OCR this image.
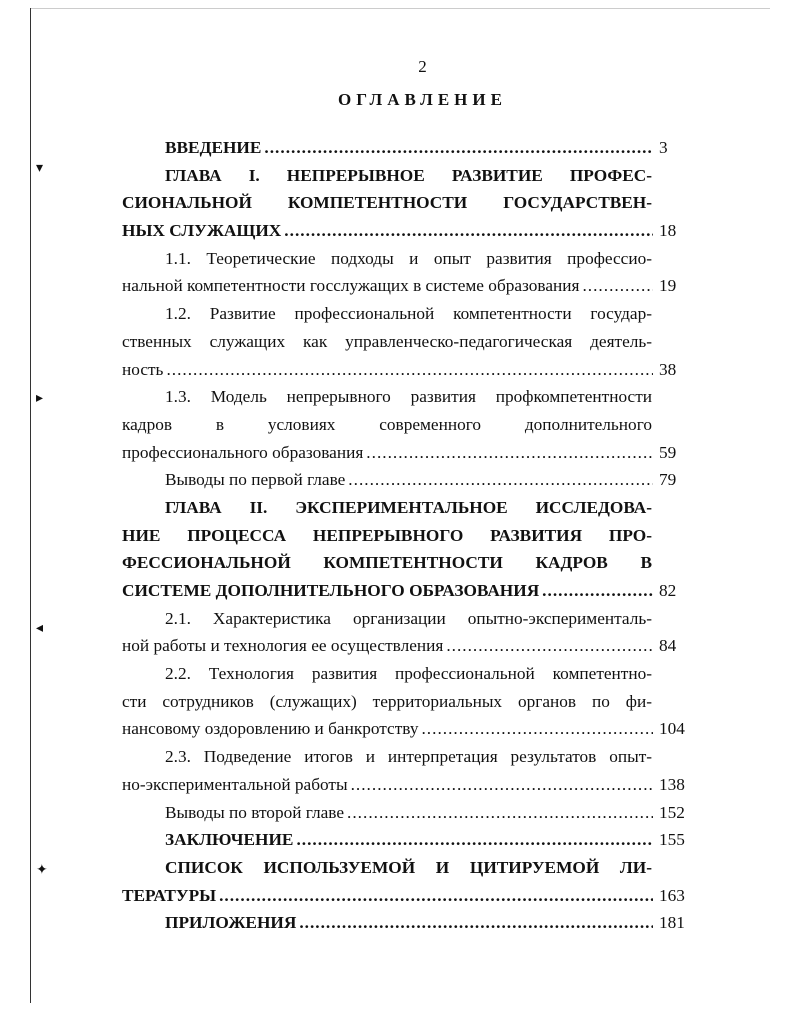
▾
▸
◂
✦
2
ОГЛАВЛЕНИЕ
ВВЕДЕНИЕ .....	3
ГЛАВА I. НЕПРЕРЫВНОЕ РАЗВИТИЕ ПРОФЕС-
СИОНАЛЬНОЙ КОМПЕТЕНТНОСТИ ГОСУДАРСТВЕН-
НЫХ СЛУЖАЩИХ .....	18
1.1. Теоретические подходы и опыт развития профессио-
нальной компетентности госслужащих в системе образования .....	19
1.2. Развитие профессиональной компетентности государ-
ственных служащих как управленческо-педагогическая деятель-
ность .....	38
1.3. Модель непрерывного развития профкомпетентности
кадров в условиях современного дополнительного
профессионального образования .....	59
Выводы по первой главе .....	79
ГЛАВА II. ЭКСПЕРИМЕНТАЛЬНОЕ ИССЛЕДОВА-
НИЕ ПРОЦЕССА НЕПРЕРЫВНОГО РАЗВИТИЯ ПРО-
ФЕССИОНАЛЬНОЙ КОМПЕТЕНТНОСТИ КАДРОВ В
СИСТЕМЕ ДОПОЛНИТЕЛЬНОГО ОБРАЗОВАНИЯ .....	82
2.1. Характеристика организации опытно-эксперименталь-
ной работы и технология ее осуществления .....	84
2.2. Технология развития профессиональной компетентно-
сти сотрудников (служащих) территориальных органов по фи-
нансовому оздоровлению и банкротству .....	104
2.3. Подведение итогов и интерпретация результатов опыт-
но-экспериментальной работы .....	138
Выводы по второй главе .....	152
ЗАКЛЮЧЕНИЕ .....	155
СПИСОК ИСПОЛЬЗУЕМОЙ И ЦИТИРУЕМОЙ ЛИ-
ТЕРАТУРЫ .....	163
ПРИЛОЖЕНИЯ .....	181
